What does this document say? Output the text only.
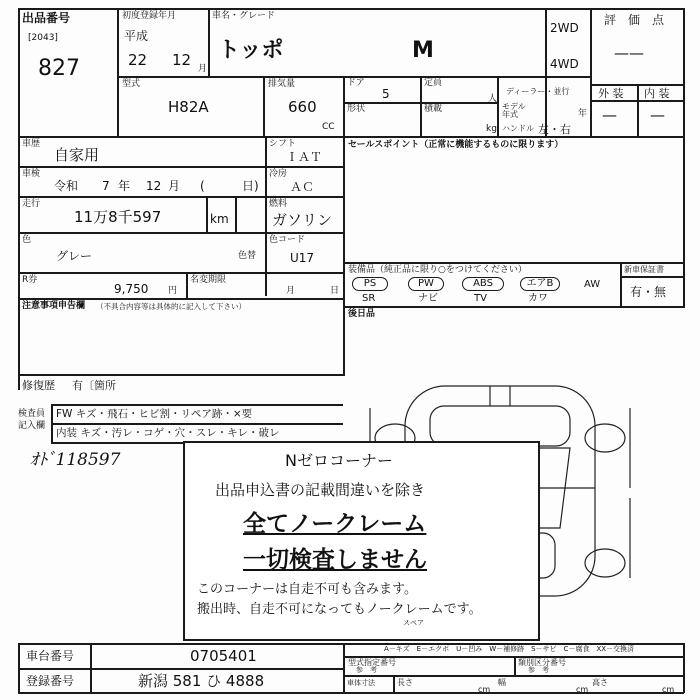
出品番号
[2043]
827
初度登録年月
平成
22 12 月
車名・グレード
トッポ	M
2WD
4WD
評　価　点
——
外 装 内 装
— —
型式
H82A
排気量
660
CC
ドア
5
定員
人
形状	積載
kg
ディーラー・並行
モデル
年式	年
ハンドル 左・右
車歴
自家用
シフト
ＩＡＴ
車検
令和 7 年 12 月 (	日)
冷房
ＡＣ
走行
11万8千597	km
燃料
ガソリン
色
グレー	色替
色コード
U17
R券
9,750 円
名変期限
月	日
注意事項申告欄 （不具合内容等は具体的に記入して下さい）
修復歴 有〔箇所
検査員
記入欄
FW キズ・飛石・ヒビ割・リペア跡・×要
内装 キズ・汚レ・コゲ・穴・スレ・キレ・破レ
ｵﾄﾞ118597
セールスポイント（正常に機能するものに限ります）
装備品（純正品に限り○をつけてください）
PS	PW	ABS	エアB	AW
SR	ナビ	TV	カワ
新車保証書
有・無
後日品
Nゼロコーナー
出品申込書の記載間違いを除き
全てノークレーム
一切検査しません
このコーナーは自走不可も含みます。
搬出時、自走不可になってもノークレームです。
スペア
車台番号	0705401
登録番号	新潟 581 ひ 4888
A－キズ　E－エクボ　U－凹み　W－補修跡　S－サビ　C－腐食　XX－交換済
型式指定番号
参　考
類別区分番号
参　考
車体寸法	長さ
cm
幅
cm
高さ
cm
